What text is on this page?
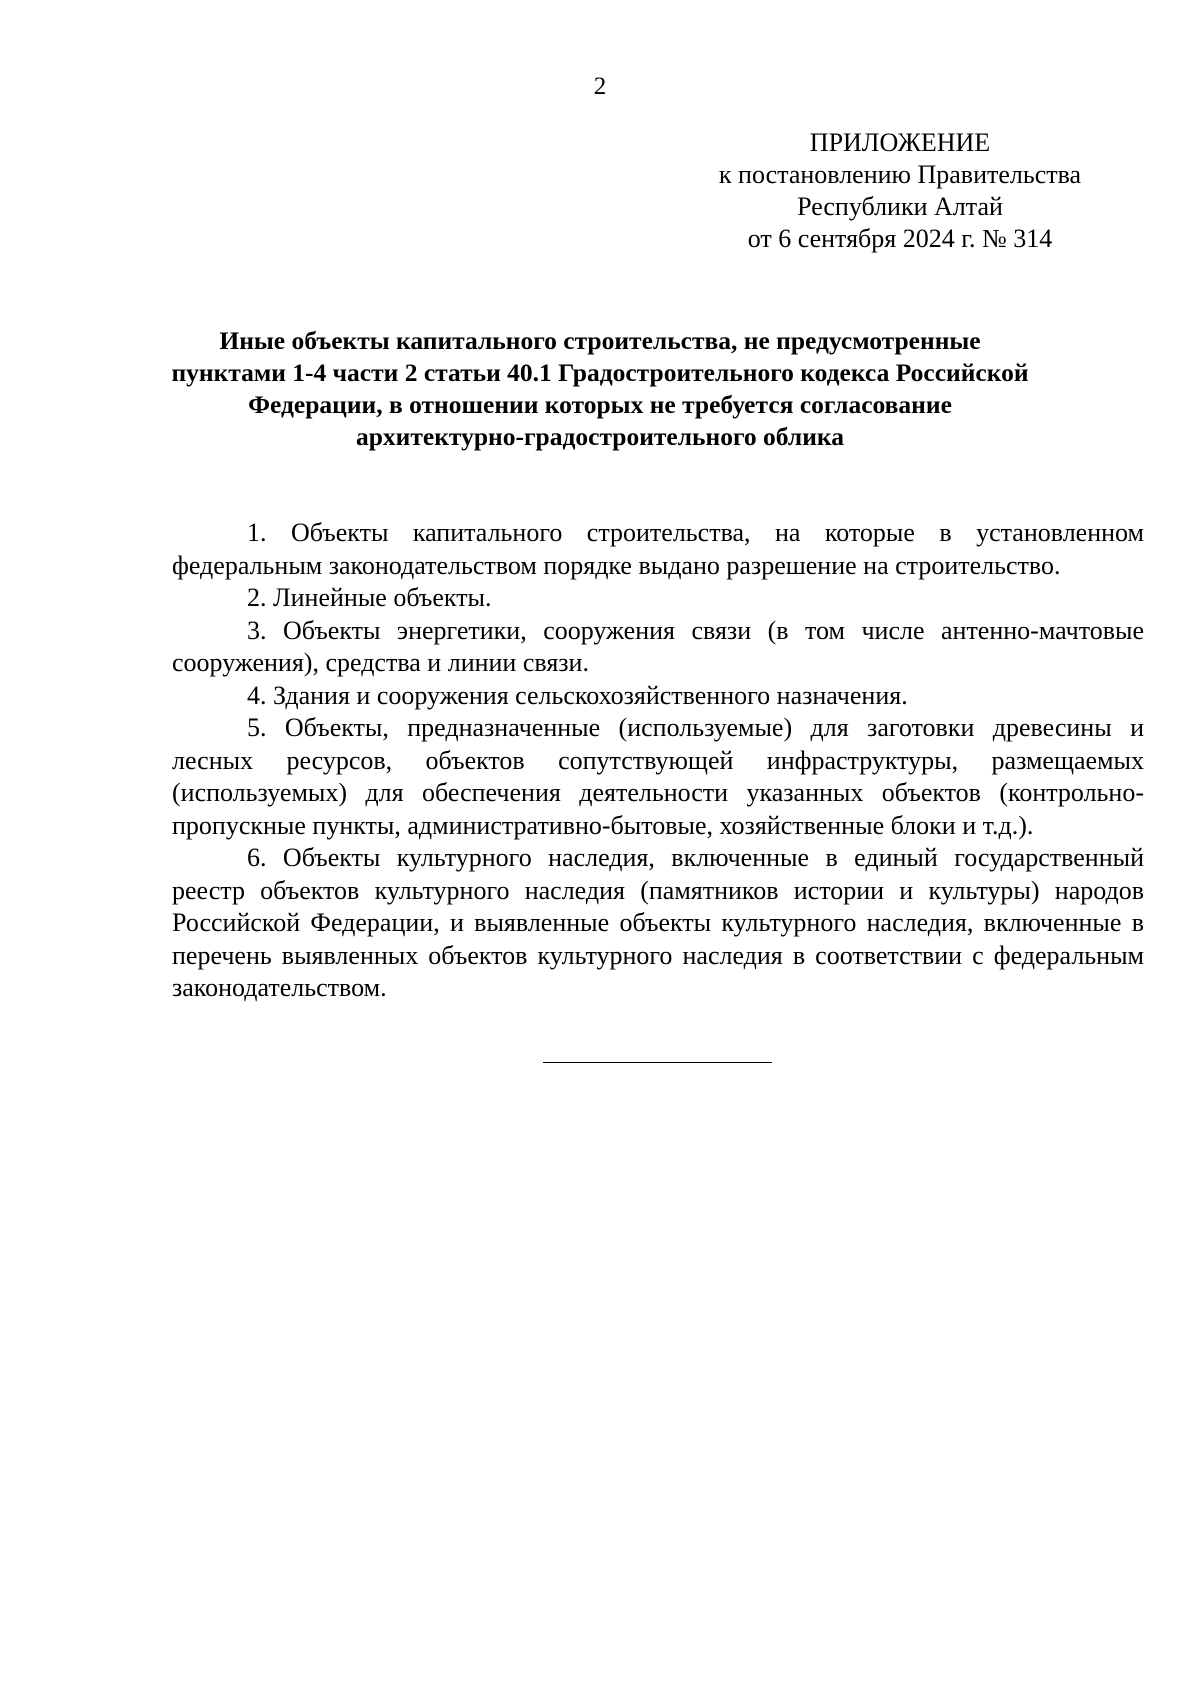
2
ПРИЛОЖЕНИЕ
к постановлению Правительства
Республики Алтай
от 6 сентября 2024 г. № 314
Иные объекты капитального строительства, не предусмотренные
пунктами 1-4 части 2 статьи 40.1 Градостроительного кодекса Российской
Федерации, в отношении которых не требуется согласование
архитектурно-градостроительного облика

1. Объекты капитального строительства, на которые в установленном федеральным законодательством порядке выдано разрешение на строительство.

2. Линейные объекты.

3. Объекты энергетики, сооружения связи (в том числе антенно-мачтовые сооружения), средства и линии связи.

4. Здания и сооружения сельскохозяйственного назначения.

5. Объекты, предназначенные (используемые) для заготовки древесины и лесных ресурсов, объектов сопутствующей инфраструктуры, размещаемых (используемых) для обеспечения деятельности указанных объектов (контрольно-пропускные пункты, административно-бытовые, хозяйственные блоки и т.д.).

6. Объекты культурного наследия, включенные в единый государственный реестр объектов культурного наследия (памятников истории и культуры) народов Российской Федерации, и выявленные объекты культурного наследия, включенные в перечень выявленных объектов культурного наследия в соответствии с федеральным законодательством.
